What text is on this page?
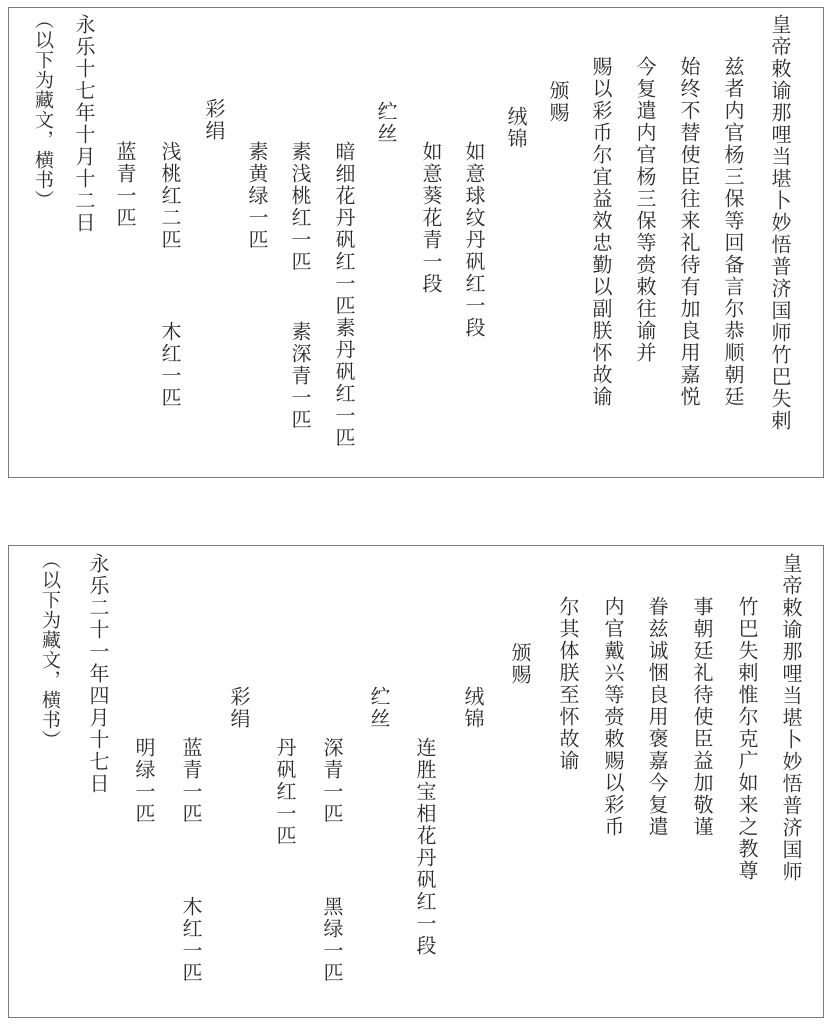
皇帝敕谕那哩当堪卜妙悟普济国师竹巴失剌
兹者内官杨三保等回备言尔恭顺朝廷
始终不替使臣往来礼待有加良用嘉悦
今复遣内官杨三保等赍敕往谕并
赐以彩币尔宜益效忠勤以副朕怀故谕
颁赐
绒锦
如意球纹丹矾红一段
如意葵花青一段
纻丝
暗细花丹矾红一匹素丹矾红一匹
素浅桃红一匹
素深青一匹
素黄绿一匹
彩绢
浅桃红二匹
木红一匹
蓝青一匹
永乐十七年十月十二日
（以下为藏文，横书）
皇帝敕谕那哩当堪卜妙悟普济国师
竹巴失剌惟尔克广如来之教尊
事朝廷礼待使臣益加敬谨
眷兹诚悃良用褒嘉今复遣
内官戴兴等赍敕赐以彩币
尔其体朕至怀故谕
颁赐
绒锦
连胜宝相花丹矾红一段
纻丝
深青一匹
黑绿一匹
丹矾红一匹
彩绢
蓝青一匹
木红一匹
明绿一匹
永乐二十一年四月十七日
（以下为藏文，横书）
